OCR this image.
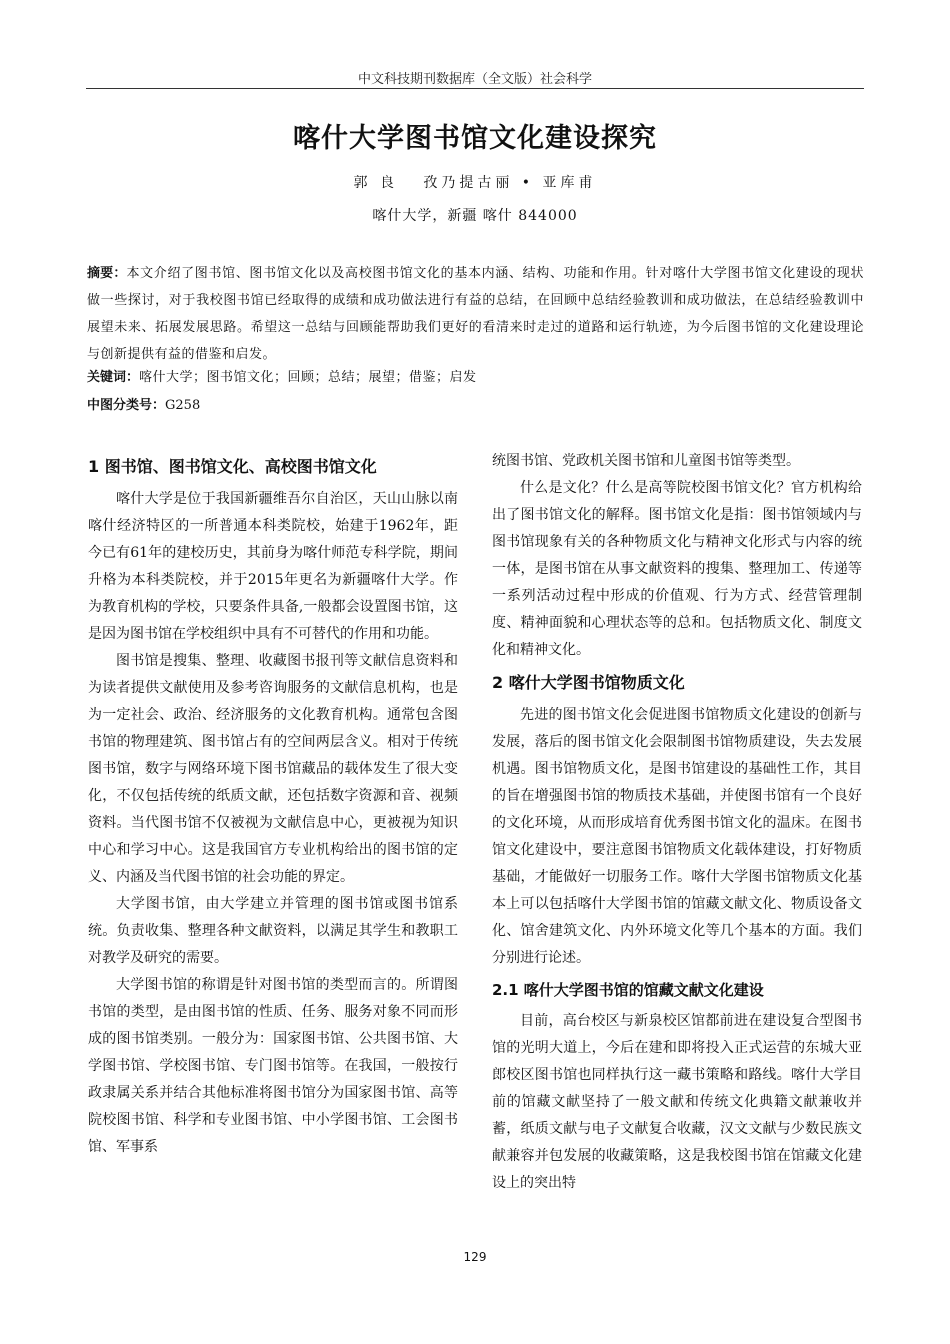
中文科技期刊数据库（全文版）社会科学
喀什大学图书馆文化建设探究
郭 良   孜乃提古丽 • 亚库甫
喀什大学，新疆 喀什 844000
摘要：本文介绍了图书馆、图书馆文化以及高校图书馆文化的基本内涵、结构、功能和作用。针对喀什大学图书馆文化建设的现状做一些探讨，对于我校图书馆已经取得的成绩和成功做法进行有益的总结，在回顾中总结经验教训和成功做法，在总结经验教训中展望未来、拓展发展思路。希望这一总结与回顾能帮助我们更好的看清来时走过的道路和运行轨迹，为今后图书馆的文化建设理论与创新提供有益的借鉴和启发。
关键词：喀什大学；图书馆文化；回顾；总结；展望；借鉴；启发
中图分类号：G258
1 图书馆、图书馆文化、高校图书馆文化

喀什大学是位于我国新疆维吾尔自治区，天山山脉以南喀什经济特区的一所普通本科类院校，始建于1962年，距今已有61年的建校历史，其前身为喀什师范专科学院，期间升格为本科类院校，并于2015年更名为新疆喀什大学。作为教育机构的学校，只要条件具备,一般都会设置图书馆，这是因为图书馆在学校组织中具有不可替代的作用和功能。

图书馆是搜集、整理、收藏图书报刊等文献信息资料和为读者提供文献使用及参考咨询服务的文献信息机构，也是为一定社会、政治、经济服务的文化教育机构。通常包含图书馆的物理建筑、图书馆占有的空间两层含义。相对于传统图书馆，数字与网络环境下图书馆藏品的载体发生了很大变化，不仅包括传统的纸质文献，还包括数字资源和音、视频资料。当代图书馆不仅被视为文献信息中心，更被视为知识中心和学习中心。这是我国官方专业机构给出的图书馆的定义、内涵及当代图书馆的社会功能的界定。

大学图书馆，由大学建立并管理的图书馆或图书馆系统。负责收集、整理各种文献资料，以满足其学生和教职工对教学及研究的需要。

大学图书馆的称谓是针对图书馆的类型而言的。所谓图书馆的类型，是由图书馆的性质、任务、服务对象不同而形成的图书馆类别。一般分为：国家图书馆、公共图书馆、大学图书馆、学校图书馆、专门图书馆等。在我国，一般按行政隶属关系并结合其他标准将图书馆分为国家图书馆、高等院校图书馆、科学和专业图书馆、中小学图书馆、工会图书馆、军事系

统图书馆、党政机关图书馆和儿童图书馆等类型。

什么是文化？什么是高等院校图书馆文化？官方机构给出了图书馆文化的解释。图书馆文化是指：图书馆领域内与图书馆现象有关的各种物质文化与精神文化形式与内容的统一体，是图书馆在从事文献资料的搜集、整理加工、传递等一系列活动过程中形成的价值观、行为方式、经营管理制度、精神面貌和心理状态等的总和。包括物质文化、制度文化和精神文化。

2 喀什大学图书馆物质文化

先进的图书馆文化会促进图书馆物质文化建设的创新与发展，落后的图书馆文化会限制图书馆物质建设，失去发展机遇。图书馆物质文化，是图书馆建设的基础性工作，其目的旨在增强图书馆的物质技术基础，并使图书馆有一个良好的文化环境，从而形成培育优秀图书馆文化的温床。在图书馆文化建设中，要注意图书馆物质文化载体建设，打好物质基础，才能做好一切服务工作。喀什大学图书馆物质文化基本上可以包括喀什大学图书馆的馆藏文献文化、物质设备文化、馆舍建筑文化、内外环境文化等几个基本的方面。我们分别进行论述。

2.1 喀什大学图书馆的馆藏文献文化建设

目前，高台校区与新泉校区馆都前进在建设复合型图书馆的光明大道上，今后在建和即将投入正式运营的东城大亚郎校区图书馆也同样执行这一藏书策略和路线。喀什大学目前的馆藏文献坚持了一般文献和传统文化典籍文献兼收并蓄，纸质文献与电子文献复合收藏，汉文文献与少数民族文献兼容并包发展的收藏策略，这是我校图书馆在馆藏文化建设上的突出特

129
